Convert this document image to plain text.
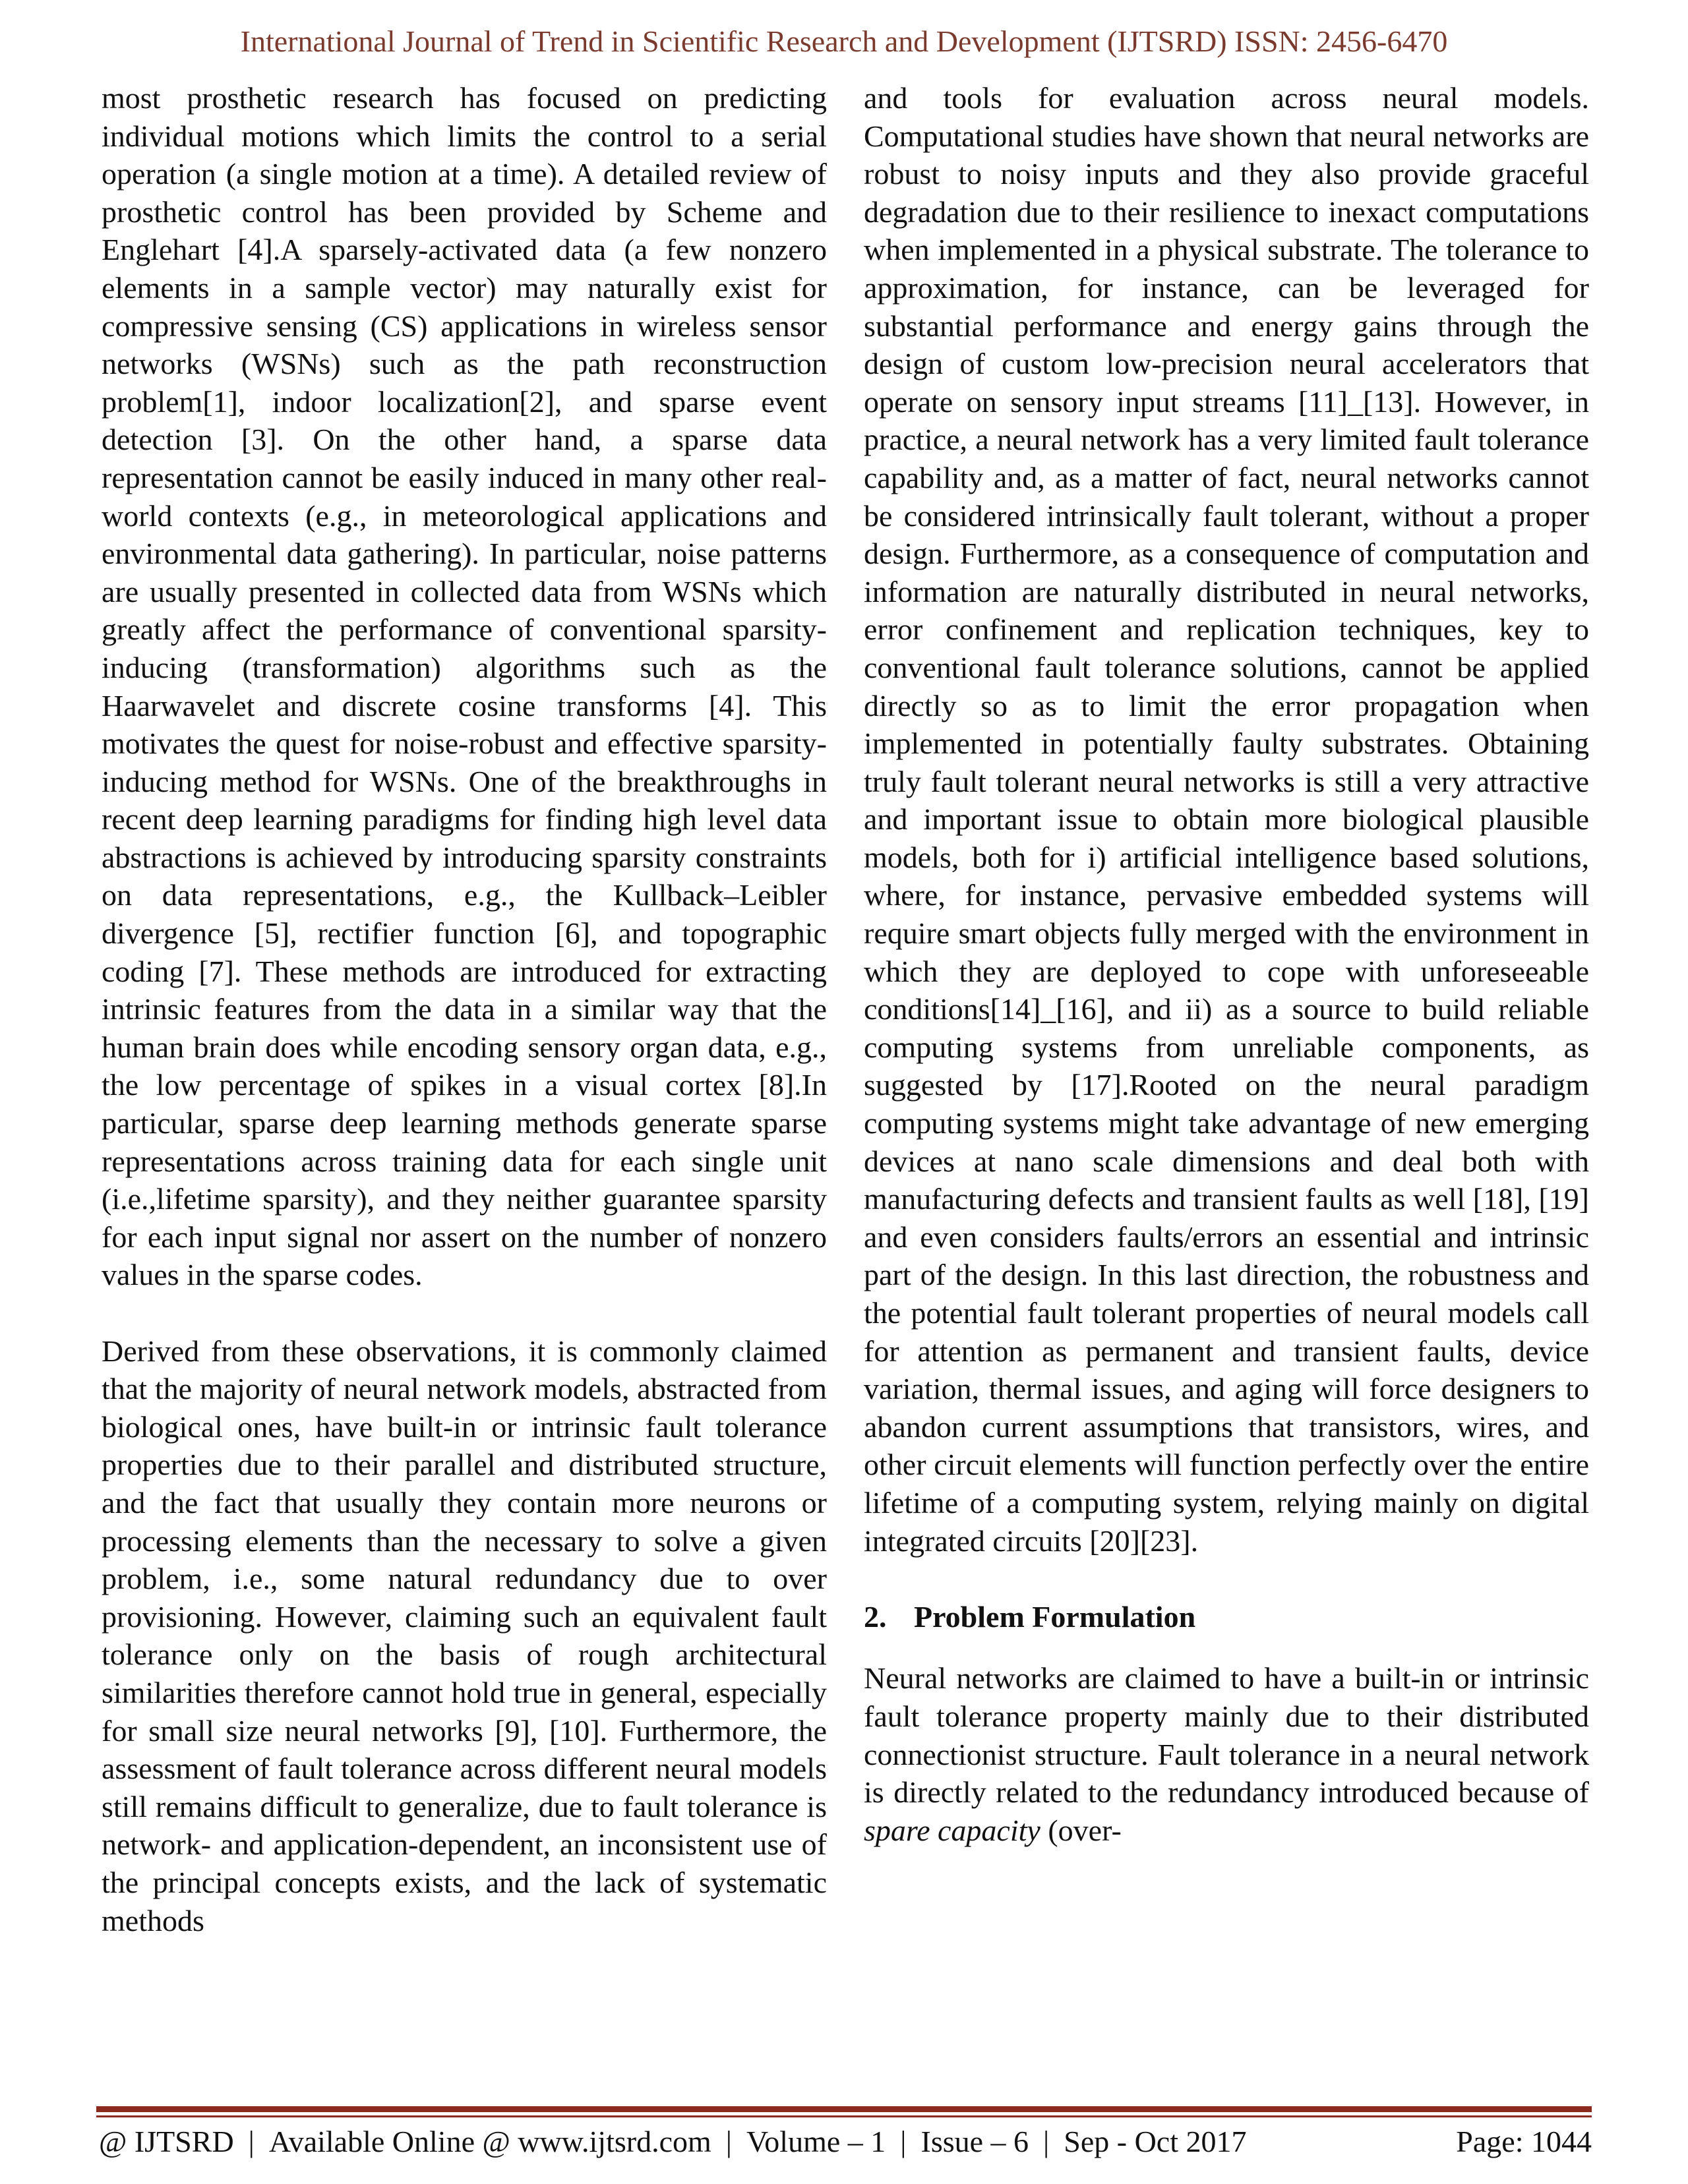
International Journal of Trend in Scientific Research and Development (IJTSRD) ISSN: 2456-6470

most prosthetic research has focused on predicting individual motions which limits the control to a serial operation (a single motion at a time). A detailed review of prosthetic control has been provided by Scheme and Englehart [4].A sparsely-activated data (a few nonzero elements in a sample vector) may naturally exist for compressive sensing (CS) applications in wireless sensor networks (WSNs) such as the path reconstruction problem[1], indoor localization[2], and sparse event detection [3]. On the other hand, a sparse data representation cannot be easily induced in many other real-world contexts (e.g., in meteorological applications and environmental data gathering). In particular, noise patterns are usually presented in collected data from WSNs which greatly affect the performance of conventional sparsity-inducing (transformation) algorithms such as the Haarwavelet and discrete cosine transforms [4]. This motivates the quest for noise-robust and effective sparsity-inducing method for WSNs. One of the breakthroughs in recent deep learning paradigms for finding high level data abstractions is achieved by introducing sparsity constraints on data representations, e.g., the Kullback–Leibler divergence [5], rectifier function [6], and topographic coding [7]. These methods are introduced for extracting intrinsic features from the data in a similar way that the human brain does while encoding sensory organ data, e.g., the low percentage of spikes in a visual cortex [8].In particular, sparse deep learning methods generate sparse representations across training data for each single unit (i.e.,lifetime sparsity), and they neither guarantee sparsity for each input signal nor assert on the number of nonzero values in the sparse codes.

Derived from these observations, it is commonly claimed that the majority of neural network models, abstracted from biological ones, have built-in or intrinsic fault tolerance properties due to their parallel and distributed structure, and the fact that usually they contain more neurons or processing elements than the necessary to solve a given problem, i.e., some natural redundancy due to over provisioning. However, claiming such an equivalent fault tolerance only on the basis of rough architectural similarities therefore cannot hold true in general, especially for small size neural networks [9], [10]. Furthermore, the assessment of fault tolerance across different neural models still remains difficult to generalize, due to fault tolerance is network- and application-dependent, an inconsistent use of the principal concepts exists, and the lack of systematic methods

and tools for evaluation across neural models. Computational studies have shown that neural networks are robust to noisy inputs and they also provide graceful degradation due to their resilience to inexact computations when implemented in a physical substrate. The tolerance to approximation, for instance, can be leveraged for substantial performance and energy gains through the design of custom low-precision neural accelerators that operate on sensory input streams [11]_[13]. However, in practice, a neural network has a very limited fault tolerance capability and, as a matter of fact, neural networks cannot be considered intrinsically fault tolerant, without a proper design. Furthermore, as a consequence of computation and information are naturally distributed in neural networks, error confinement and replication techniques, key to conventional fault tolerance solutions, cannot be applied directly so as to limit the error propagation when implemented in potentially faulty substrates. Obtaining truly fault tolerant neural networks is still a very attractive and important issue to obtain more biological plausible models, both for i) artificial intelligence based solutions, where, for instance, pervasive embedded systems will require smart objects fully merged with the environment in which they are deployed to cope with unforeseeable conditions[14]_[16], and ii) as a source to build reliable computing systems from unreliable components, as suggested by [17].Rooted on the neural paradigm computing systems might take advantage of new emerging devices at nano scale dimensions and deal both with manufacturing defects and transient faults as well [18], [19] and even considers faults/errors an essential and intrinsic part of the design. In this last direction, the robustness and the potential fault tolerant properties of neural models call for attention as permanent and transient faults, device variation, thermal issues, and aging will force designers to abandon current assumptions that transistors, wires, and other circuit elements will function perfectly over the entire lifetime of a computing system, relying mainly on digital integrated circuits [20][23].

2. Problem Formulation

Neural networks are claimed to have a built-in or intrinsic fault tolerance property mainly due to their distributed connectionist structure. Fault tolerance in a neural network is directly related to the redundancy introduced because of spare capacity (over-

@ IJTSRD | Available Online @ www.ijtsrd.com | Volume – 1 | Issue – 6 | Sep - Oct 2017	Page: 1044
